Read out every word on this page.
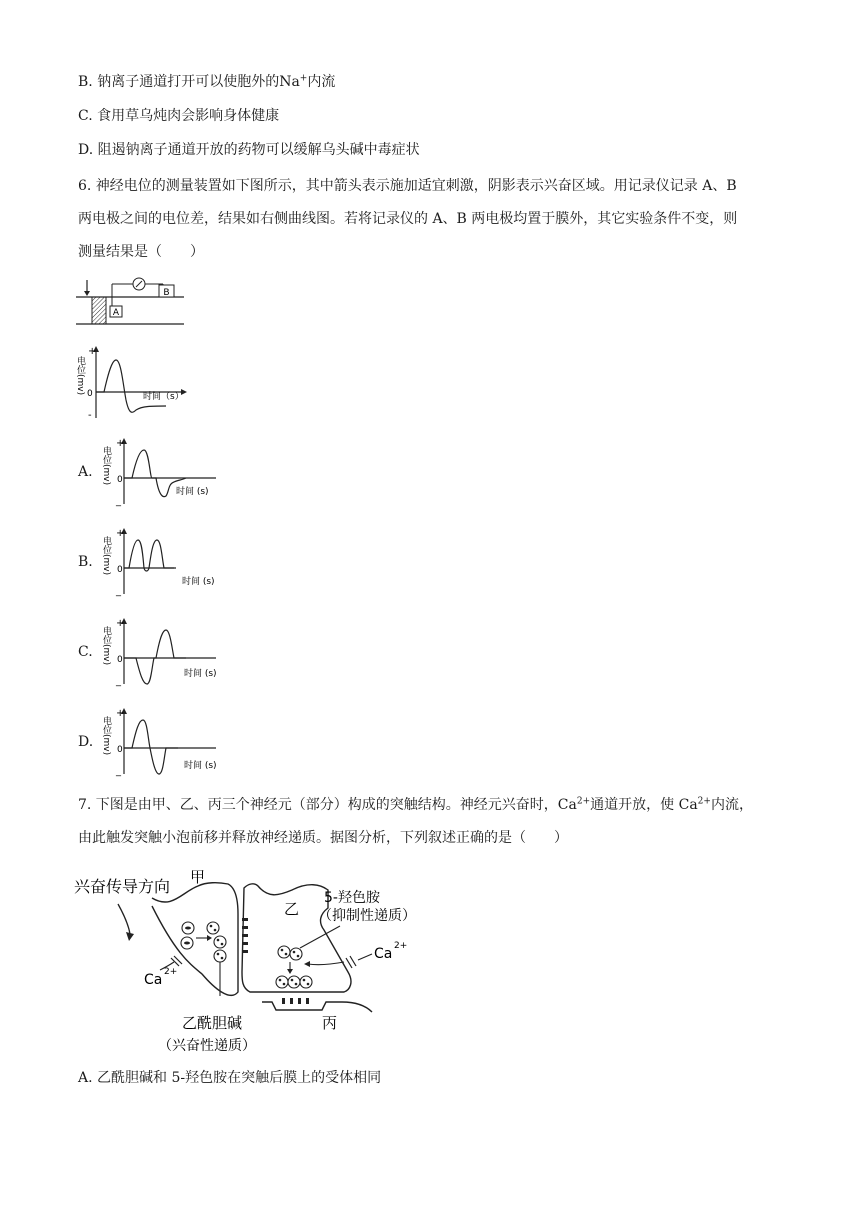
B. 钠离子通道打开可以使胞外的Na+内流
C. 食用草乌炖肉会影响身体健康
D. 阻遏钠离子通道开放的药物可以缓解乌头碱中毒症状
6. 神经电位的测量装置如下图所示，其中箭头表示施加适宜刺激，阴影表示兴奋区域。用记录仪记录 A、B
两电极之间的电位差，结果如右侧曲线图。若将记录仪的 A、B 两电极均置于膜外，其它实验条件不变，则
测量结果是（　　）
A
B
+
-
0
电位(mv)
时间（s）
A.
+
_
0
电位(mv)
时间 (s)
B.
+
_
0
电位(mv)
时间 (s)
C.
+
_
0
电位(mv)
时间 (s)
D.
+
_
0
电位(mv)
时间 (s)
7. 下图是由甲、乙、丙三个神经元（部分）构成的突触结构。神经元兴奋时，$Ca^{2+}$通道开放，使 $Ca^{2+}$内流，
由此触发突触小泡前移并释放神经递质。据图分析，下列叙述正确的是（　　）
兴奋传导方向 甲
Ca 2+
乙
5-羟色胺
（抑制性递质）
Ca 2+
丙
乙酰胆碱
（兴奋性递质）
A. 乙酰胆碱和 5-羟色胺在突触后膜上的受体相同
